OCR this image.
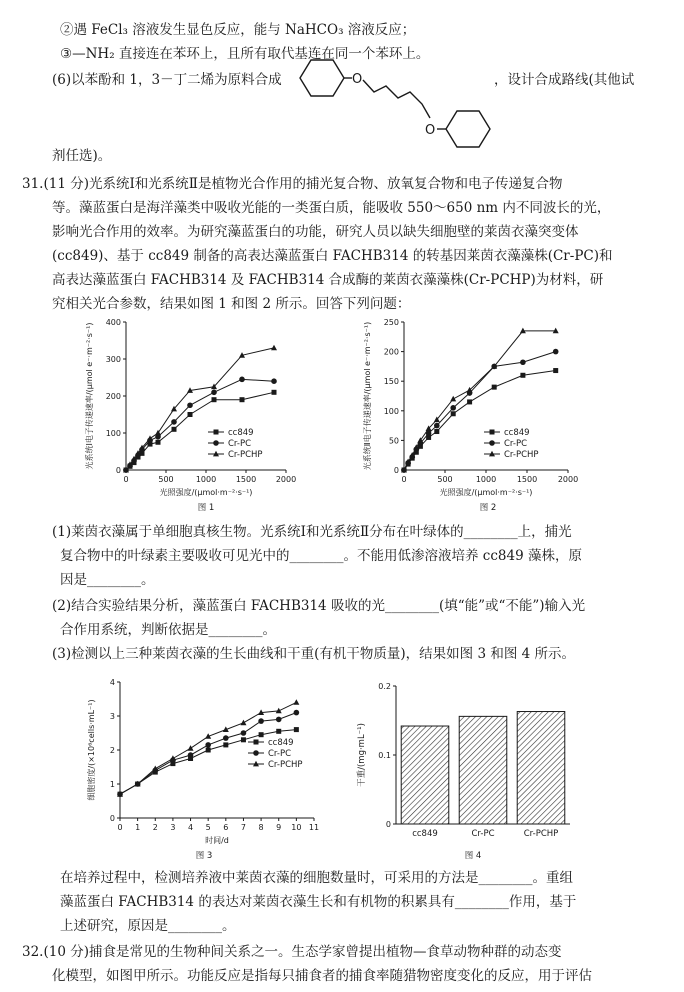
②遇 FeCl₃ 溶液发生显色反应，能与 NaHCO₃ 溶液反应；
③—NH₂ 直接连在苯环上，且所有取代基连在同一个苯环上。
(6)以苯酚和 1，3－丁二烯为原料合成	，设计合成路线(其他试
O
O
剂任选)。
31.(11 分)光系统Ⅰ和光系统Ⅱ是植物光合作用的捕光复合物、放氧复合物和电子传递复合物
等。藻蓝蛋白是海洋藻类中吸收光能的一类蛋白质，能吸收 550～650 nm 内不同波长的光，
影响光合作用的效率。为研究藻蓝蛋白的功能，研究人员以缺失细胞壁的莱茵衣藻突变体
(cc849)、基于 cc849 制备的高表达藻蓝蛋白 FACHB314 的转基因莱茵衣藻藻株(Cr-PC)和
高表达藻蓝蛋白 FACHB314 及 FACHB314 合成酶的莱茵衣藻藻株(Cr-PCHP)为材料，研
究相关光合参数，结果如图 1 和图 2 所示。回答下列问题：
0	500	1000 1500 2000
0
100
200
300
400
cc849
Cr-PC
Cr-PCHP
光系统Ⅰ电子传递速率/(μmol e⁻·m⁻²·s⁻¹)
光照强度/(μmol·m⁻²·s⁻¹)
图 1
0	500	1000	1500	2000
0
50
100
150
200
250
cc849
Cr-PC
Cr-PCHP
光系统Ⅱ电子传递速率/(μmol e⁻·m⁻²·s⁻¹)
光照强度/(μmol·m⁻²·s⁻¹)
图 2
(1)莱茵衣藻属于单细胞真核生物。光系统Ⅰ和光系统Ⅱ分布在叶绿体的________上，捕光
复合物中的叶绿素主要吸收可见光中的________。不能用低渗溶液培养 cc849 藻株，原
因是________。
(2)结合实验结果分析，藻蓝蛋白 FACHB314 吸收的光________(填“能”或“不能”)输入光
合作用系统，判断依据是________。
(3)检测以上三种莱茵衣藻的生长曲线和干重(有机干物质量)，结果如图 3 和图 4 所示。
0 1 2 3 4 5 6 7 8 9 10 11
0
1
2
3
4
cc849
Cr-PC
Cr-PCHP
细胞密度/(×10⁶cells·mL⁻¹)
时间/d
图 3
0
0.1
0.2
cc849	Cr-PC	Cr-PCHP
干重/(mg·mL⁻¹)
图 4
在培养过程中，检测培养液中莱茵衣藻的细胞数量时，可采用的方法是________。重组
藻蓝蛋白 FACHB314 的表达对莱茵衣藻生长和有机物的积累具有________作用，基于
上述研究，原因是________。
32.(10 分)捕食是常见的生物种间关系之一。生态学家曾提出植物—食草动物种群的动态变
化模型，如图甲所示。功能反应是指每只捕食者的捕食率随猎物密度变化的反应，用于评估
